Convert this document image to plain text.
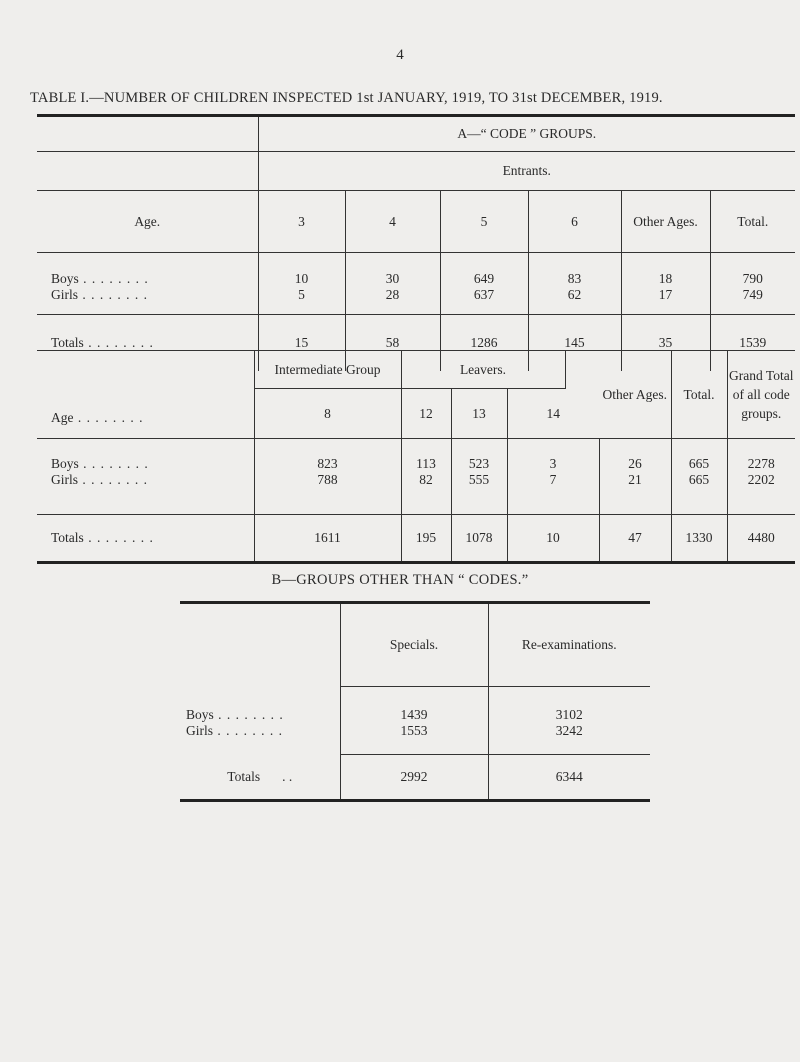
4
TABLE I.—NUMBER OF CHILDREN INSPECTED 1st JANUARY, 1919, TO 31st DECEMBER, 1919.
	A—“ CODE ” GROUPS.					
	Entrants.					
Age.	3	4	5	6	Other Ages.	Total.
Boys . .	10	30	649	83	18	790
Girls . .	5	28	637	62	17	749
Totals . .	15	58	1286	145	35	1539
Age . .	Intermediate Group	Leavers.				Other Ages.	Total.	Grand Total of all code groups.
	8	12	13	14				
Boys . .	823	113	523	3		26	665	2278
Girls . .	788	82	555	7		21	665	2202
Totals . .	1611	195	1078	10		47	1330	4480
B—GROUPS OTHER THAN “ CODES.”
	Specials.	Re-examinations.
Boys . .	1439	3102
Girls . .	1553	3242
Totals . .	2992	6344
